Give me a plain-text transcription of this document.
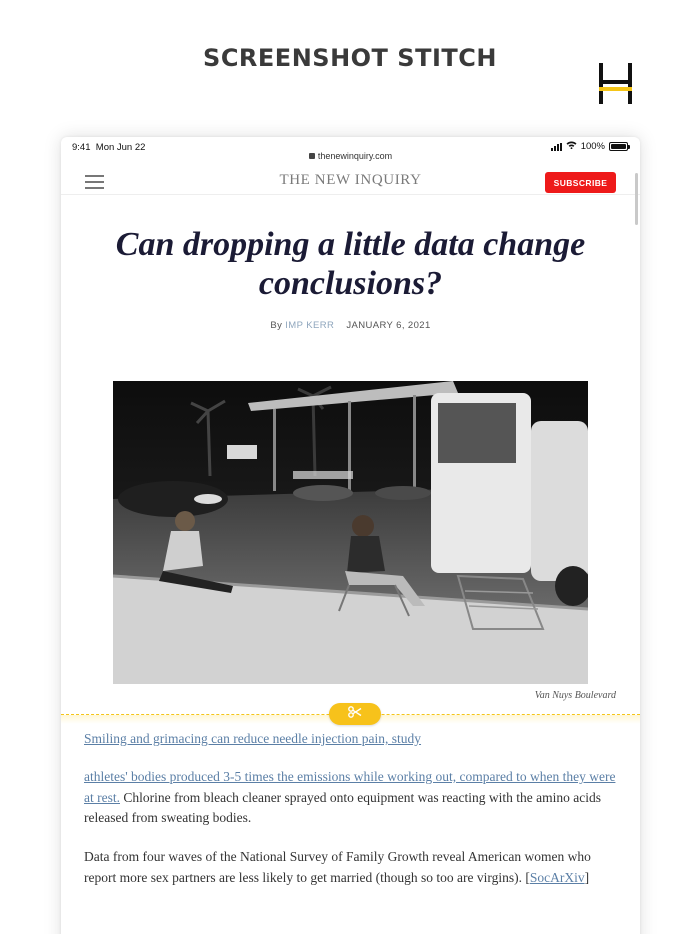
SCREENSHOT STITCH
9:41 Mon Jun 22	100%
thenewinquiry.com
THE NEW INQUIRY	SUBSCRIBE
Can dropping a little data change conclusions?
By IMP KERR JANUARY 6, 2021
Van Nuys Boulevard

Smiling and grimacing can reduce needle injection pain, study

athletes' bodies produced 3-5 times the emissions while working out, compared to when they were at rest. Chlorine from bleach cleaner sprayed onto equipment was reacting with the amino acids released from sweating bodies.

Data from four waves of the National Survey of Family Growth reveal American women who report more sex partners are less likely to get married (though so too are virgins). [SocArXiv]
